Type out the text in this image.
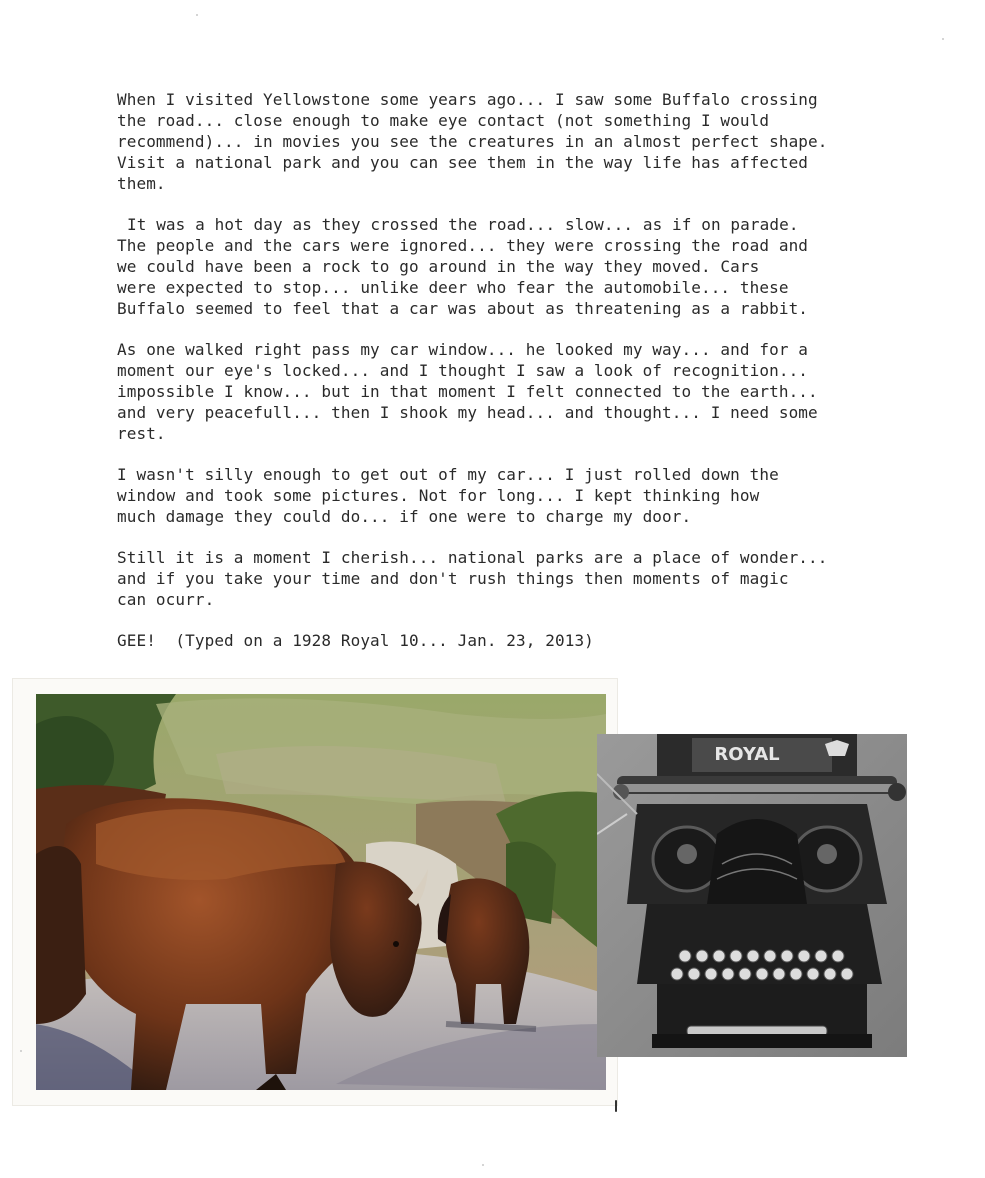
When I visited Yellowstone some years ago... I saw some Buffalo crossing
the road... close enough to make eye contact (not something I would
recommend)... in movies you see the creatures in an almost perfect shape.
Visit a national park and you can see them in the way life has affected
them.

It was a hot day as they crossed the road... slow... as if on parade.
The people and the cars were ignored... they were crossing the road and
we could have been a rock to go around in the way they moved. Cars
were expected to stop... unlike deer who fear the automobile... these
Buffalo seemed to feel that a car was about as threatening as a rabbit.

As one walked right pass my car window... he looked my way... and for a
moment our eye's locked... and I thought I saw a look of recognition...
impossible I know... but in that moment I felt connected to the earth...
and very peacefull... then I shook my head... and thought... I need some
rest.

I wasn't silly enough to get out of my car... I just rolled down the
window and took some pictures. Not for long... I kept thinking how
much damage they could do... if one were to charge my door.

Still it is a moment I cherish... national parks are a place of wonder...
and if you take your time and don't rush things then moments of magic
can ocurr.

GEE!  (Typed on a 1928 Royal 10... Jan. 23, 2013)

ROYAL
